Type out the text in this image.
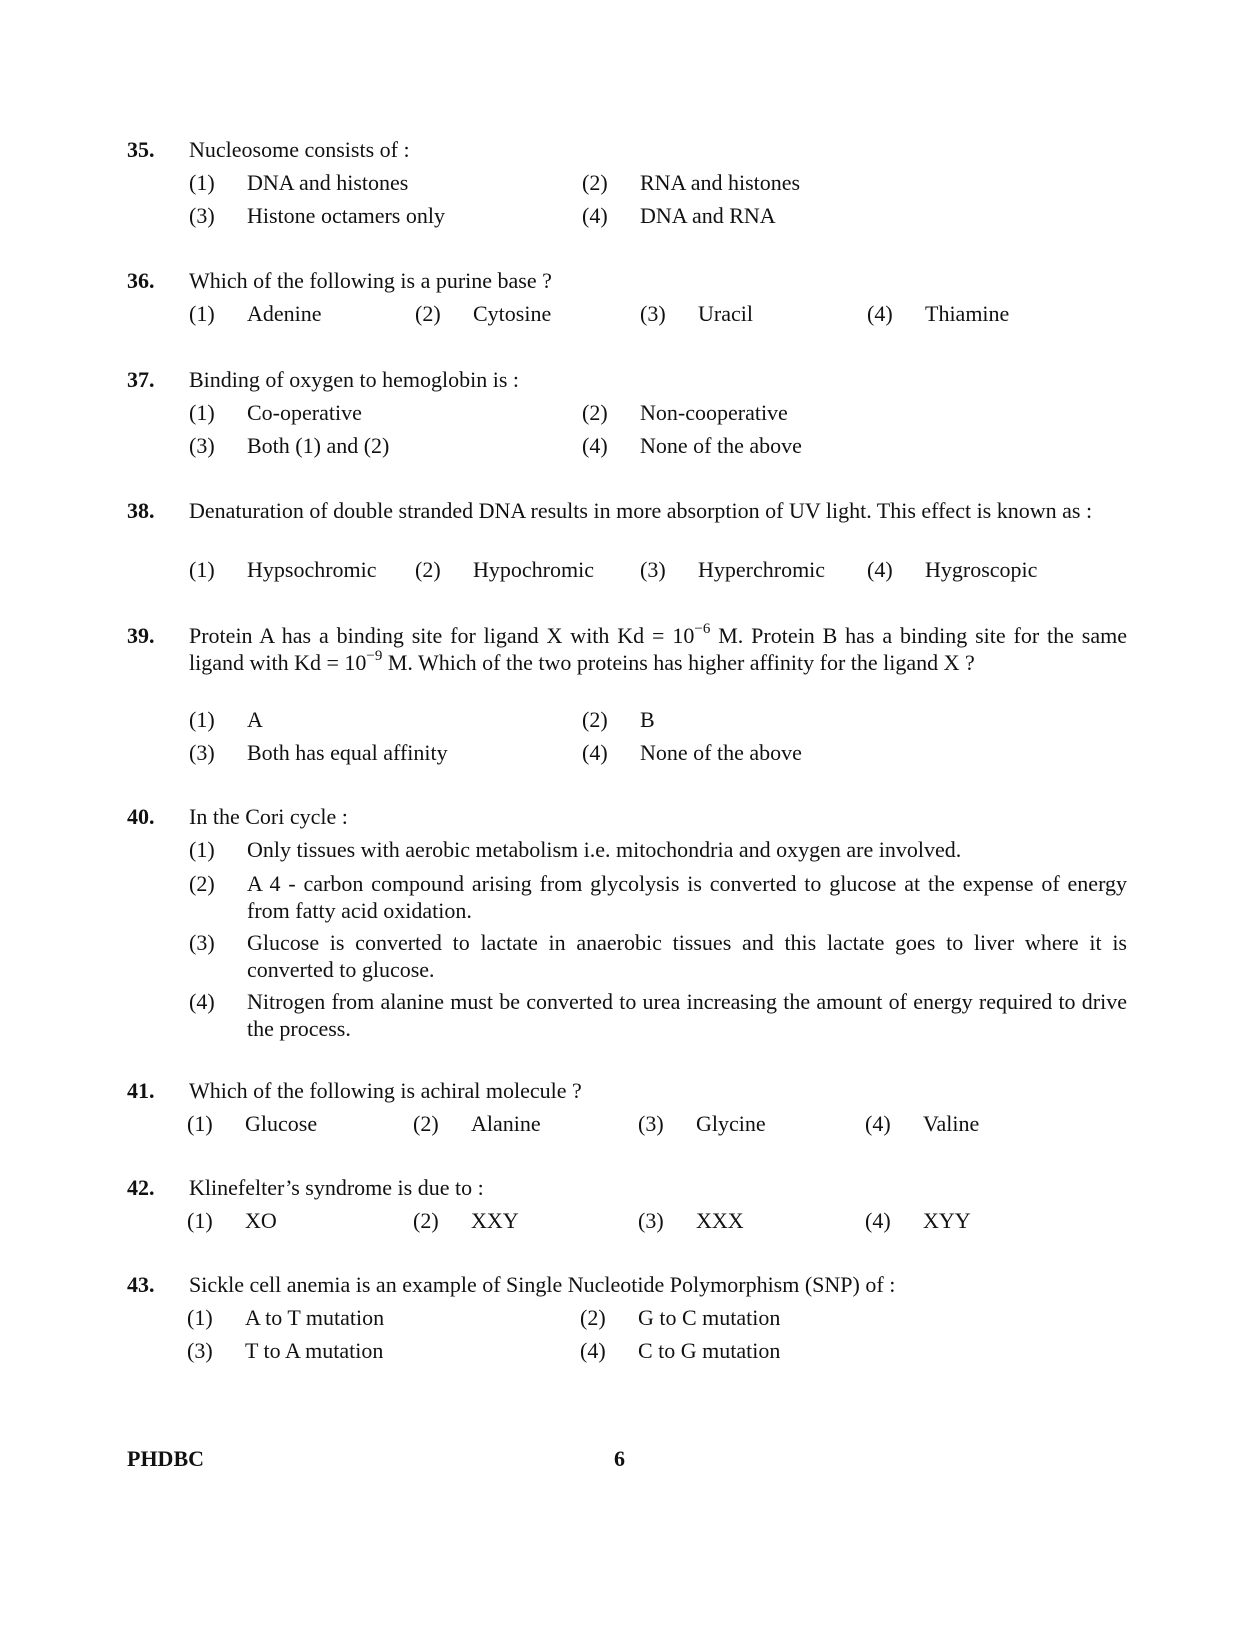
35. Nucleosome consists of :
(1) DNA and histones	(2) RNA and histones
(3) Histone octamers only	(4) DNA and RNA
36. Which of the following is a purine base ?
(1) Adenine	(2) Cytosine	(3) Uracil	(4) Thiamine
37. Binding of oxygen to hemoglobin is :
(1) Co-operative	(2) Non-cooperative
(3) Both (1) and (2)	(4) None of the above
38. Denaturation of double stranded DNA results in more absorption of UV light. This effect is known as :
(1) Hypsochromic (2) Hypochromic (3) Hyperchromic (4) Hygroscopic
39. Protein A has a binding site for ligand X with $Kd = 10^{-6}$ M. Protein B has a binding site for the same ligand with $Kd = 10^{-9}$ M. Which of the two proteins has higher affinity for the ligand X ?
(1) A	(2) B
(3) Both has equal affinity	(4) None of the above
40. In the Cori cycle :
(1)	Only tissues with aerobic metabolism i.e. mitochondria and oxygen are involved.
(2)	A 4 - carbon compound arising from glycolysis is converted to glucose at the expense of energy from fatty acid oxidation.
(3)	Glucose is converted to lactate in anaerobic tissues and this lactate goes to liver where it is converted to glucose.
(4)	Nitrogen from alanine must be converted to urea increasing the amount of energy required to drive the process.
41. Which of the following is achiral molecule ?
(1) Glucose	(2) Alanine	(3) Glycine	(4) Valine
42. Klinefelter’s syndrome is due to :
(1) XO	(2) XXY	(3) XXX	(4) XYY
43. Sickle cell anemia is an example of Single Nucleotide Polymorphism (SNP) of :
(1) A to T mutation	(2) G to C mutation
(3) T to A mutation	(4) C to G mutation
PHDBC	6
